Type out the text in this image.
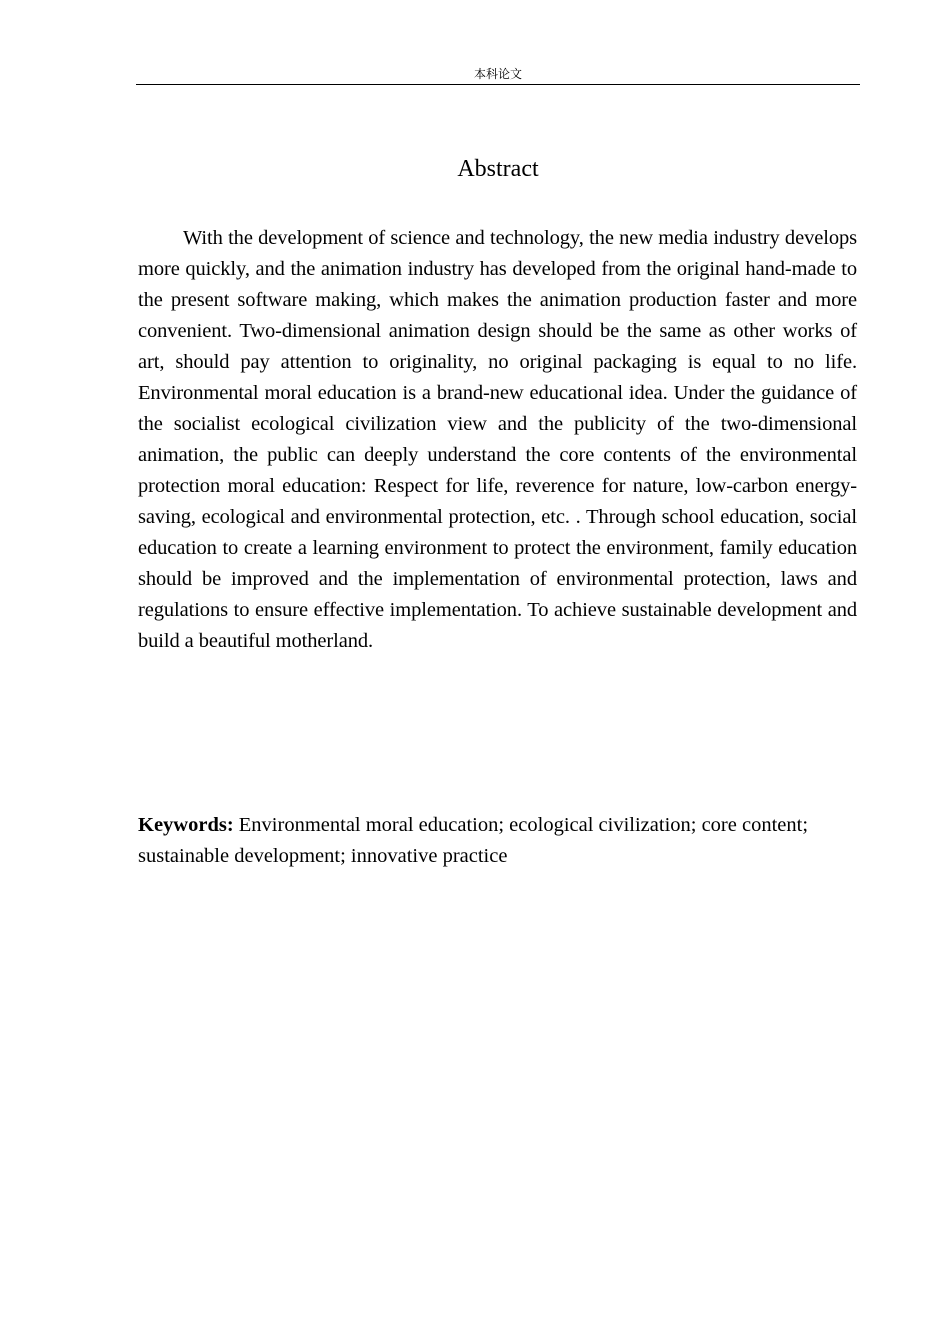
本科论文
Abstract

With the development of science and technology, the new media industry develops more quickly, and the animation industry has developed from the original hand-made to the present software making, which makes the animation production faster and more convenient. Two-dimensional animation design should be the same as other works of art, should pay attention to originality, no original packaging is equal to no life. Environmental moral education is a brand-new educational idea. Under the guidance of the socialist ecological civilization view and the publicity of the two-dimensional animation, the public can deeply understand the core contents of the environmental protection moral education: Respect for life, reverence for nature, low-carbon energy-saving, ecological and environmental protection, etc. . Through school education, social education to create a learning environment to protect the environment, family education should be improved and the implementation of environmental protection, laws and regulations to ensure effective implementation. To achieve sustainable development and build a beautiful motherland.

Keywords: Environmental moral education; ecological civilization; core content; sustainable development; innovative practice
